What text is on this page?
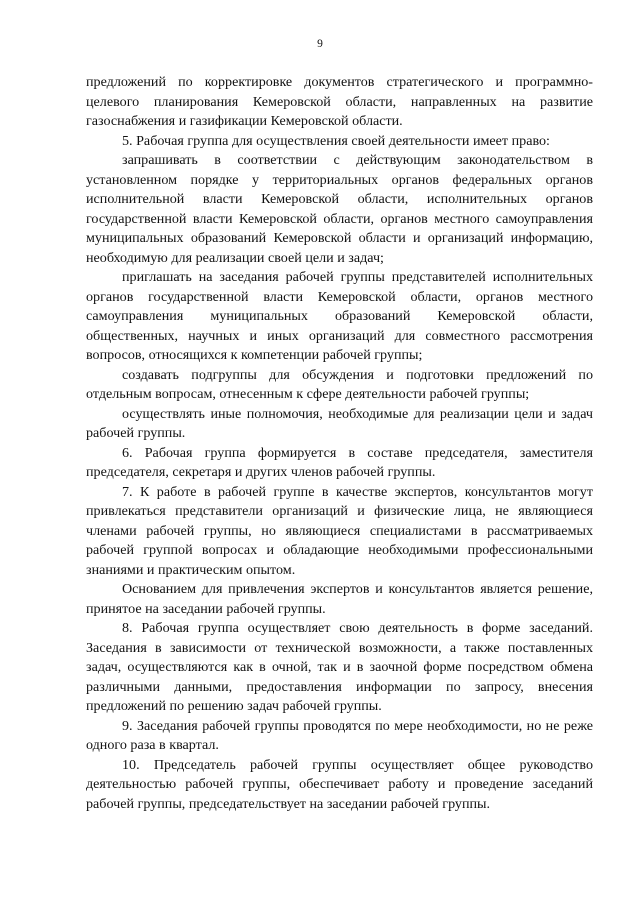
9

предложений по корректировке документов стратегического и программно-целевого планирования Кемеровской области, направленных на развитие газоснабжения и газификации Кемеровской области.

5. Рабочая группа для осуществления своей деятельности имеет право:

запрашивать в соответствии с действующим законодательством в установленном порядке у территориальных органов федеральных органов исполнительной власти Кемеровской области, исполнительных органов государственной власти Кемеровской области, органов местного самоуправления муниципальных образований Кемеровской области и организаций информацию, необходимую для реализации своей цели и задач;

приглашать на заседания рабочей группы представителей исполнительных органов государственной власти Кемеровской области, органов местного самоуправления муниципальных образований Кемеровской области, общественных, научных и иных организаций для совместного рассмотрения вопросов, относящихся к компетенции рабочей группы;

создавать подгруппы для обсуждения и подготовки предложений по отдельным вопросам, отнесенным к сфере деятельности рабочей группы;

осуществлять иные полномочия, необходимые для реализации цели и задач рабочей группы.

6. Рабочая группа формируется в составе председателя, заместителя председателя, секретаря и других членов рабочей группы.

7. К работе в рабочей группе в качестве экспертов, консультантов могут привлекаться представители организаций и физические лица, не являющиеся членами рабочей группы, но являющиеся специалистами в рассматриваемых рабочей группой вопросах и обладающие необходимыми профессиональными знаниями и практическим опытом.

Основанием для привлечения экспертов и консультантов является решение, принятое на заседании рабочей группы.

8. Рабочая группа осуществляет свою деятельность в форме заседаний. Заседания в зависимости от технической возможности, а также поставленных задач, осуществляются как в очной, так и в заочной форме посредством обмена различными данными, предоставления информации по запросу, внесения предложений по решению задач рабочей группы.

9. Заседания рабочей группы проводятся по мере необходимости, но не реже одного раза в квартал.

10. Председатель рабочей группы осуществляет общее руководство деятельностью рабочей группы, обеспечивает работу и проведение заседаний рабочей группы, председательствует на заседании рабочей группы.
